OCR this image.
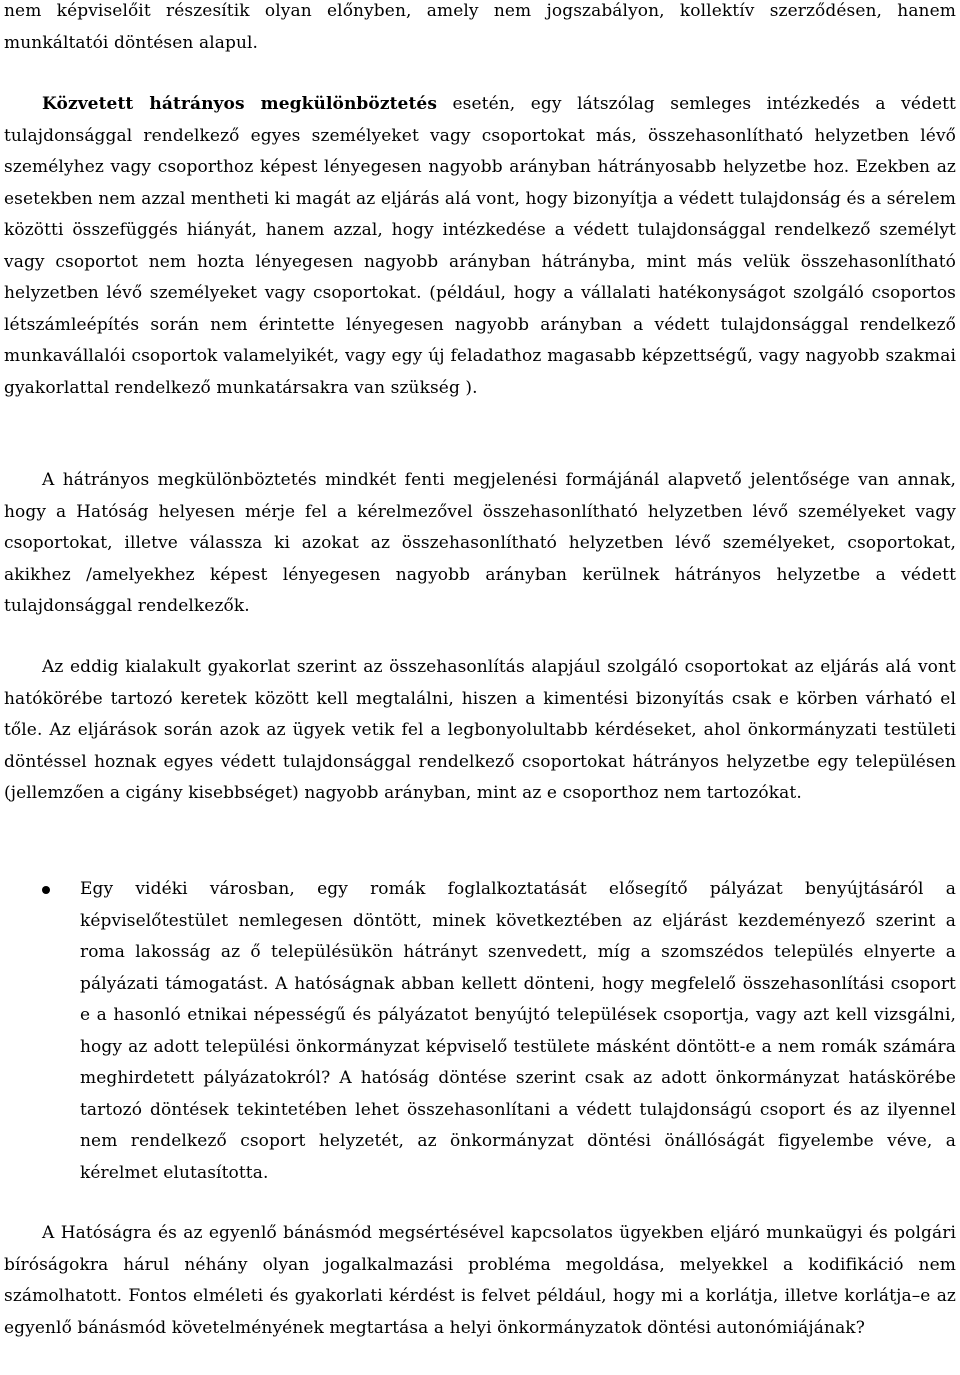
nem képviselőit részesítik olyan előnyben, amely nem jogszabályon, kollektív szerződésen, hanem munkáltatói döntésen alapul.

Közvetett hátrányos megkülönböztetés esetén, egy látszólag semleges intézkedés a védett tulajdonsággal rendelkező egyes személyeket vagy csoportokat más, összehasonlítható helyzetben lévő személyhez vagy csoporthoz képest lényegesen nagyobb arányban hátrányosabb helyzetbe hoz. Ezekben az esetekben nem azzal mentheti ki magát az eljárás alá vont, hogy bizonyítja a védett tulajdonság és a sérelem közötti összefüggés hiányát, hanem azzal, hogy intézkedése a védett tulajdonsággal rendelkező személyt vagy csoportot nem hozta lényegesen nagyobb arányban hátrányba, mint más velük összehasonlítható helyzetben lévő személyeket vagy csoportokat. (például, hogy a vállalati hatékonyságot szolgáló csoportos létszámleépítés során nem érintette lényegesen nagyobb arányban a védett tulajdonsággal rendelkező munkavállalói csoportok valamelyikét, vagy egy új feladathoz magasabb képzettségű, vagy nagyobb szakmai gyakorlattal rendelkező munkatársakra van szükség ).

A hátrányos megkülönböztetés mindkét fenti megjelenési formájánál alapvető jelentősége van annak, hogy a Hatóság helyesen mérje fel a kérelmezővel összehasonlítható helyzetben lévő személyeket vagy csoportokat, illetve válassza ki azokat az összehasonlítható helyzetben lévő személyeket, csoportokat, akikhez /amelyekhez képest lényegesen nagyobb arányban kerülnek hátrányos helyzetbe a védett tulajdonsággal rendelkezők.

Az eddig kialakult gyakorlat szerint az összehasonlítás alapjául szolgáló csoportokat az eljárás alá vont hatókörébe tartozó keretek között kell megtalálni, hiszen a kimentési bizonyítás csak e körben várható el tőle. Az eljárások során azok az ügyek vetik fel a legbonyolultabb kérdéseket, ahol önkormányzati testületi döntéssel hoznak egyes védett tulajdonsággal rendelkező csoportokat hátrányos helyzetbe egy településen (jellemzően a cigány kisebbséget) nagyobb arányban, mint az e csoporthoz nem tartozókat.

Egy vidéki városban, egy romák foglalkoztatását elősegítő pályázat benyújtásáról a képviselőtestület nemlegesen döntött, minek következtében az eljárást kezdeményező szerint a roma lakosság az ő településükön hátrányt szenvedett, míg a szomszédos település elnyerte a pályázati támogatást. A hatóságnak abban kellett dönteni, hogy megfelelő összehasonlítási csoport e a hasonló etnikai népességű és pályázatot benyújtó települések csoportja, vagy azt kell vizsgálni, hogy az adott települési önkormányzat képviselő testülete másként döntött-e a nem romák számára meghirdetett pályázatokról? A hatóság döntése szerint csak az adott önkormányzat hatáskörébe tartozó döntések tekintetében lehet összehasonlítani a védett tulajdonságú csoport és az ilyennel nem rendelkező csoport helyzetét, az önkormányzat döntési önállóságát figyelembe véve, a kérelmet elutasította.

A Hatóságra és az egyenlő bánásmód megsértésével kapcsolatos ügyekben eljáró munkaügyi és polgári bíróságokra hárul néhány olyan jogalkalmazási probléma megoldása, melyekkel a kodifikáció nem számolhatott. Fontos elméleti és gyakorlati kérdést is felvet például, hogy mi a korlátja, illetve korlátja–e az egyenlő bánásmód követelményének megtartása a helyi önkormányzatok döntési autonómiájának?
